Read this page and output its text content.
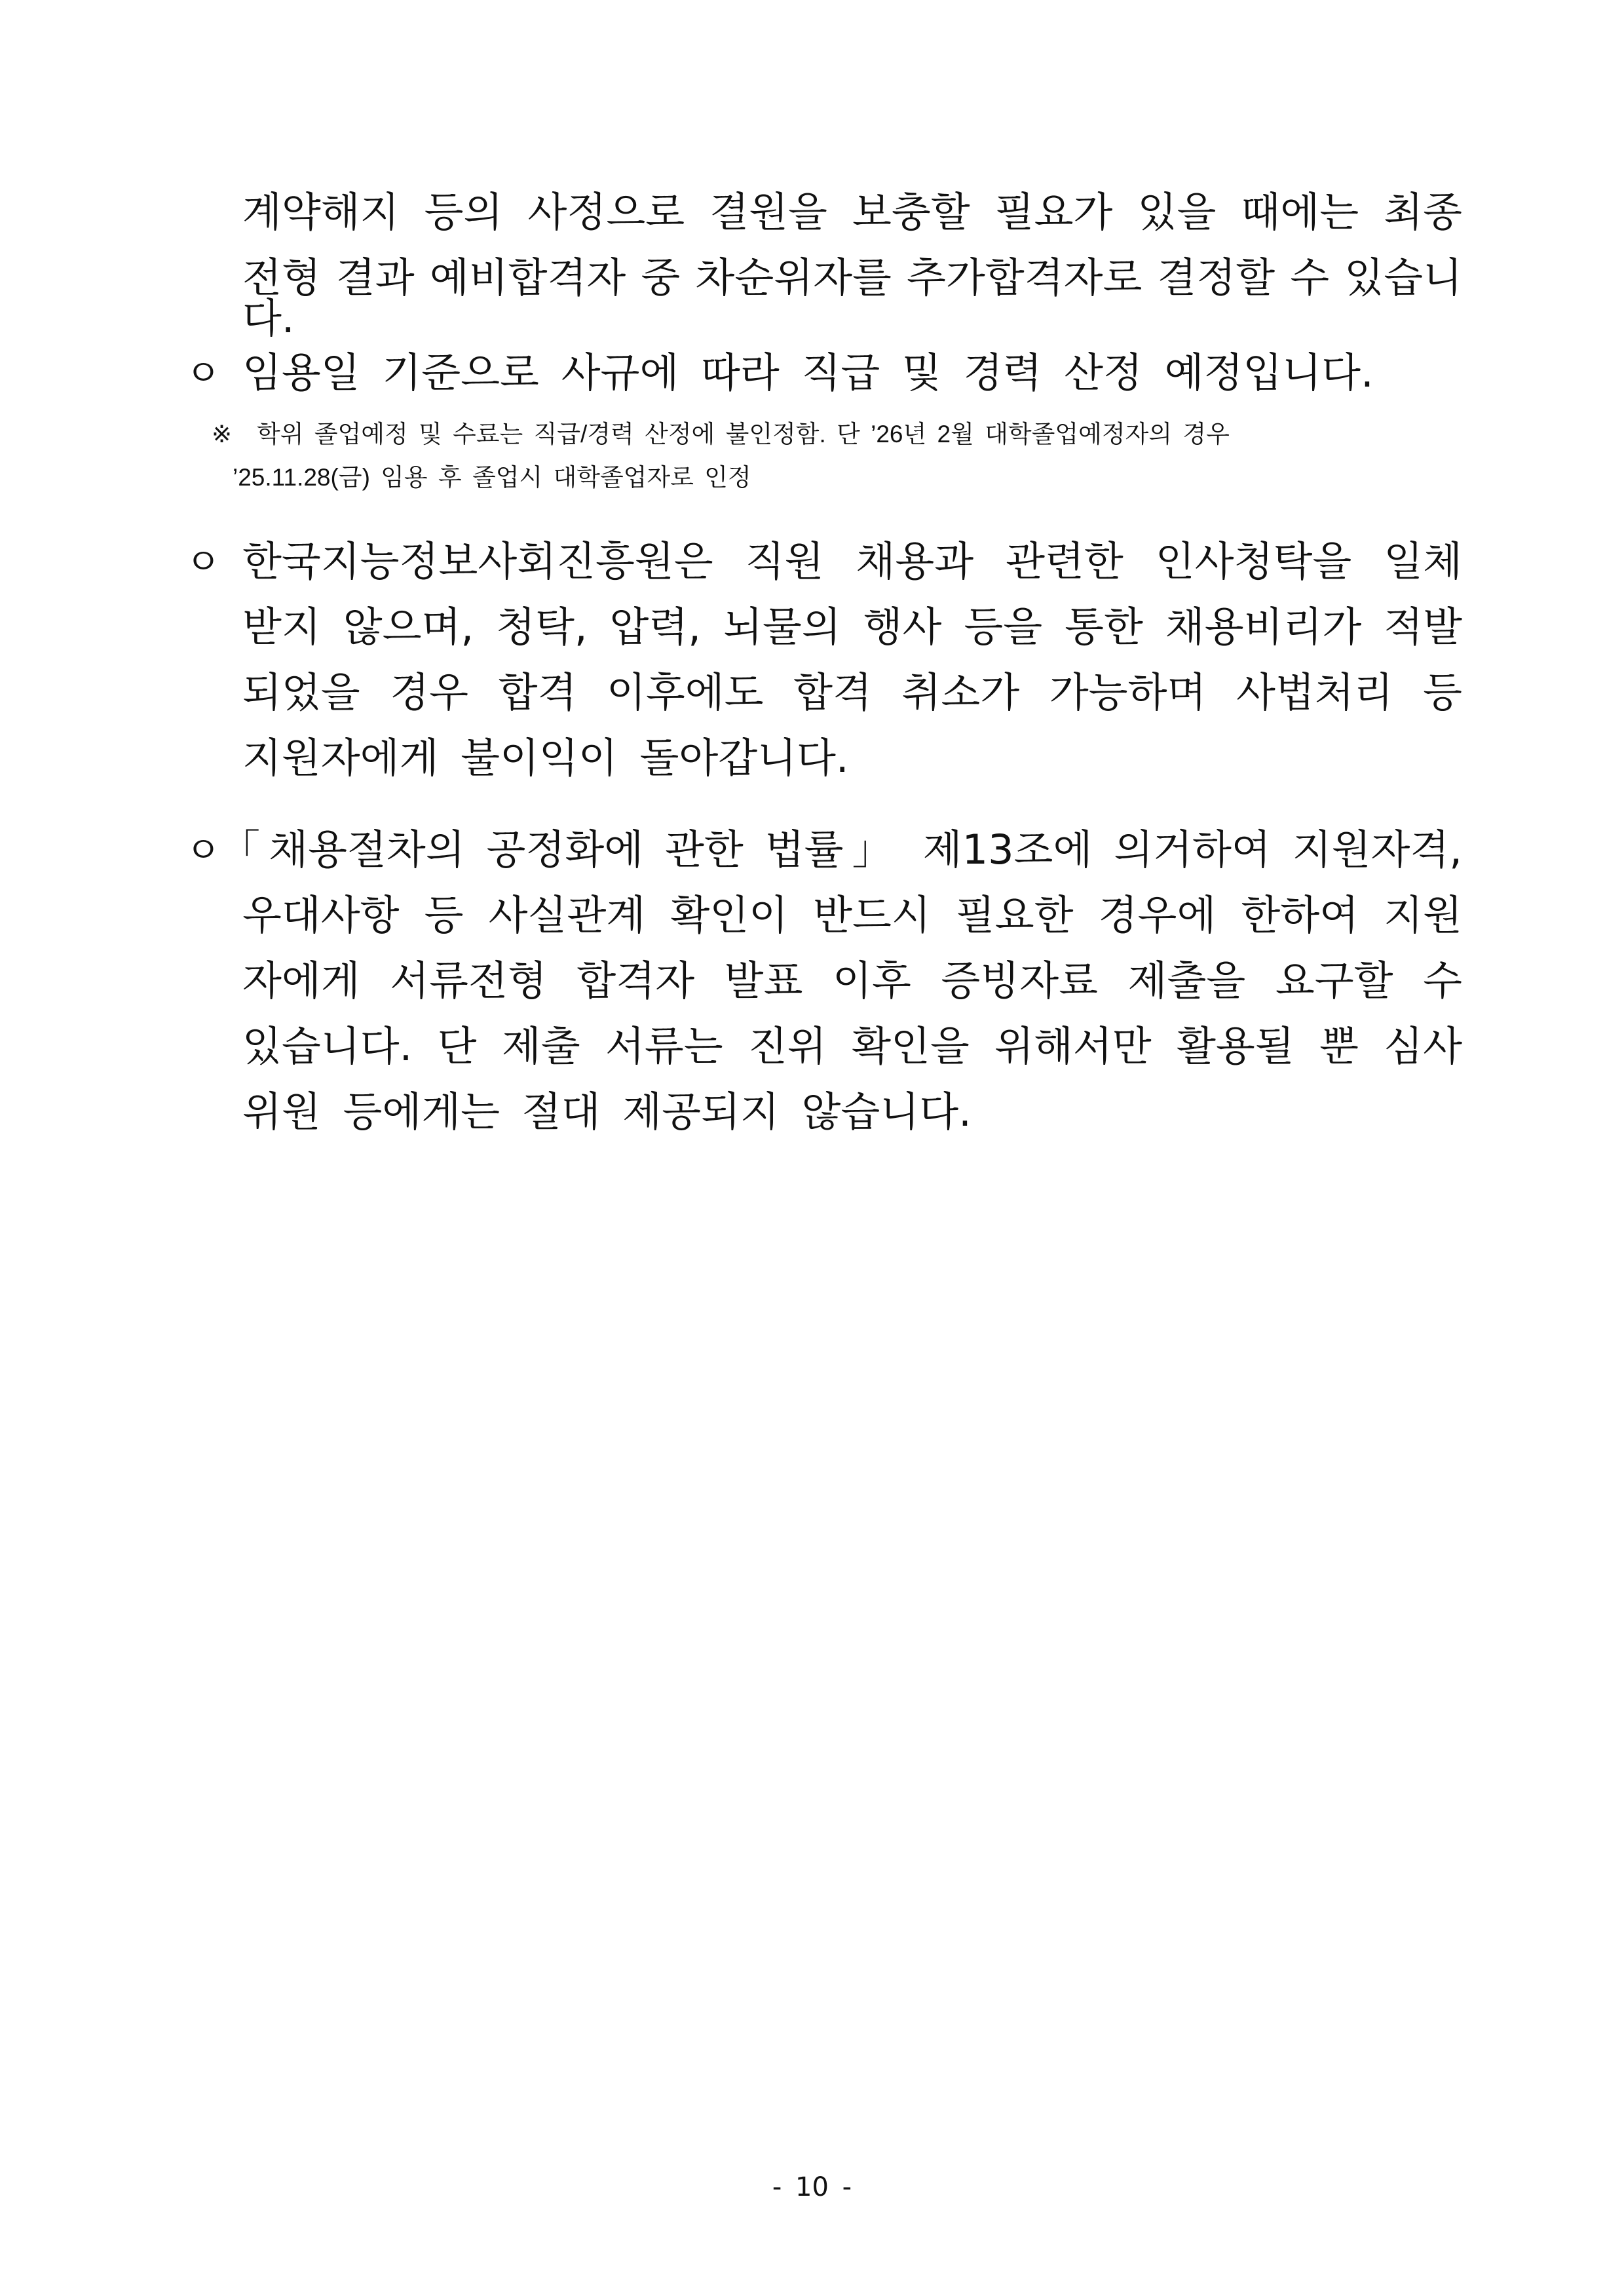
계약해지 등의 사정으로 결원을 보충할 필요가 있을 때에는 최종
전형 결과 예비합격자 중 차순위자를 추가합격자로 결정할 수 있습니다.
ㅇ 임용일 기준으로 사규에 따라 직급 및 경력 산정 예정입니다.
※ 학위 졸업예정 및 수료는 직급/경력 산정에 불인정함. 단 ’26년 2월 대학졸업예정자의 경우
’25.11.28(금) 임용 후 졸업시 대학졸업자로 인정
ㅇ 한국지능정보사회진흥원은 직원 채용과 관련한 인사청탁을 일체
받지 않으며, 청탁, 압력, 뇌물의 행사 등을 통한 채용비리가 적발
되었을 경우 합격 이후에도 합격 취소가 가능하며 사법처리 등
지원자에게 불이익이 돌아갑니다.
ㅇ
「채용절차의 공정화에 관한 법률」 제13조에 의거하여 지원자격,
우대사항 등 사실관계 확인이 반드시 필요한 경우에 한하여 지원
자에게 서류전형 합격자 발표 이후 증빙자료 제출을 요구할 수
있습니다. 단 제출 서류는 진위 확인을 위해서만 활용될 뿐 심사
위원 등에게는 절대 제공되지 않습니다.
- 10 -
